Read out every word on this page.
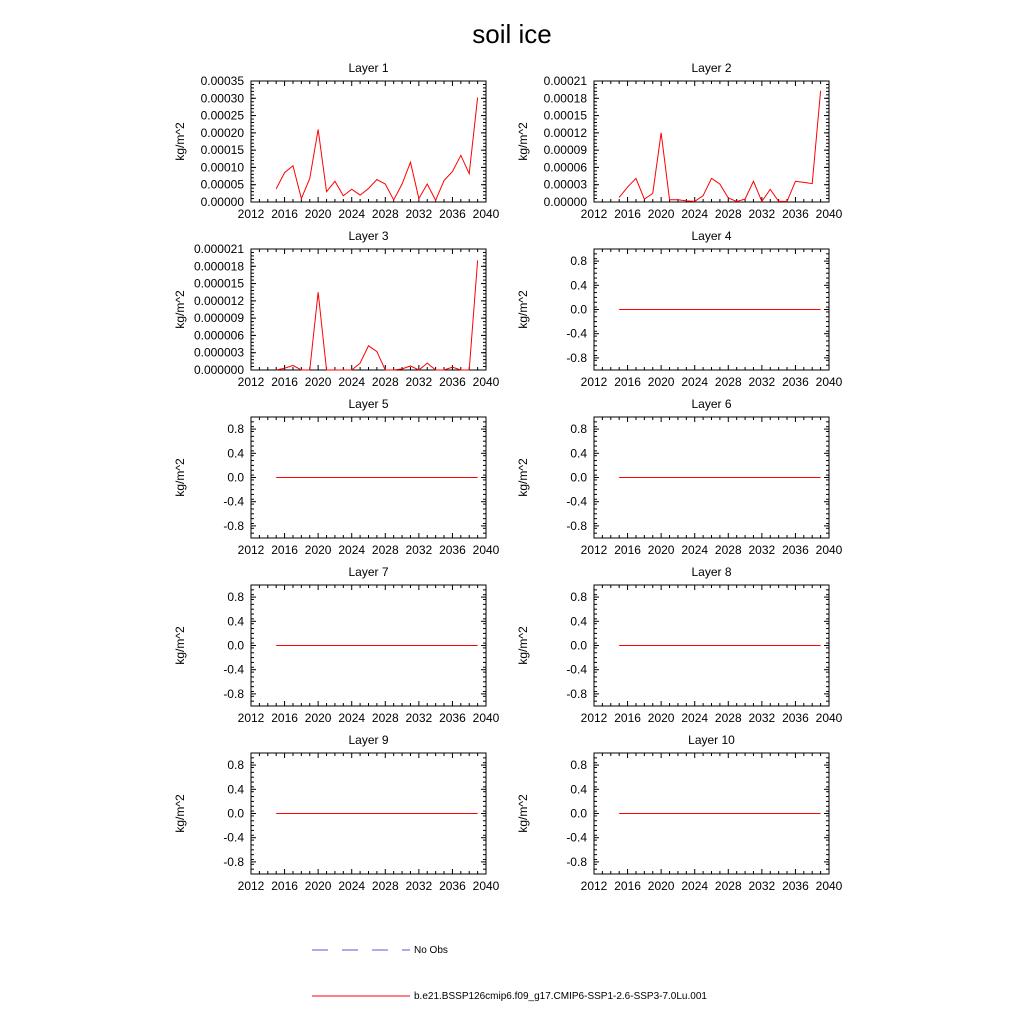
soil ice
Layer 1
kg/m^2
2012 2016 2020 2024 2028 2032 2036 2040
0.00000
0.00005
0.00010
0.00015
0.00020
0.00025
0.00030
0.00035
Layer 2
kg/m^2
2012 2016 2020 2024 2028 2032 2036 2040
0.00000
0.00003
0.00006
0.00009
0.00012
0.00015
0.00018
0.00021
Layer 3
kg/m^2
2012 2016 2020 2024 2028 2032 2036 2040
0.000000
0.000003
0.000006
0.000009
0.000012
0.000015
0.000018
0.000021
Layer 4
kg/m^2
2012 2016 2020 2024 2028 2032 2036 2040
-0.8
-0.4
0.0
0.4
0.8
Layer 5
kg/m^2
2012 2016 2020 2024 2028 2032 2036 2040
-0.8
-0.4
0.0
0.4
0.8
Layer 6
kg/m^2
2012 2016 2020 2024 2028 2032 2036 2040
-0.8
-0.4
0.0
0.4
0.8
Layer 7
kg/m^2
2012 2016 2020 2024 2028 2032 2036 2040
-0.8
-0.4
0.0
0.4
0.8
Layer 8
kg/m^2
2012 2016 2020 2024 2028 2032 2036 2040
-0.8
-0.4
0.0
0.4
0.8
Layer 9
kg/m^2
2012 2016 2020 2024 2028 2032 2036 2040
-0.8
-0.4
0.0
0.4
0.8
Layer 10
kg/m^2
2012 2016 2020 2024 2028 2032 2036 2040
-0.8
-0.4
0.0
0.4
0.8
No Obs
b.e21.BSSP126cmip6.f09_g17.CMIP6-SSP1-2.6-SSP3-7.0Lu.001
